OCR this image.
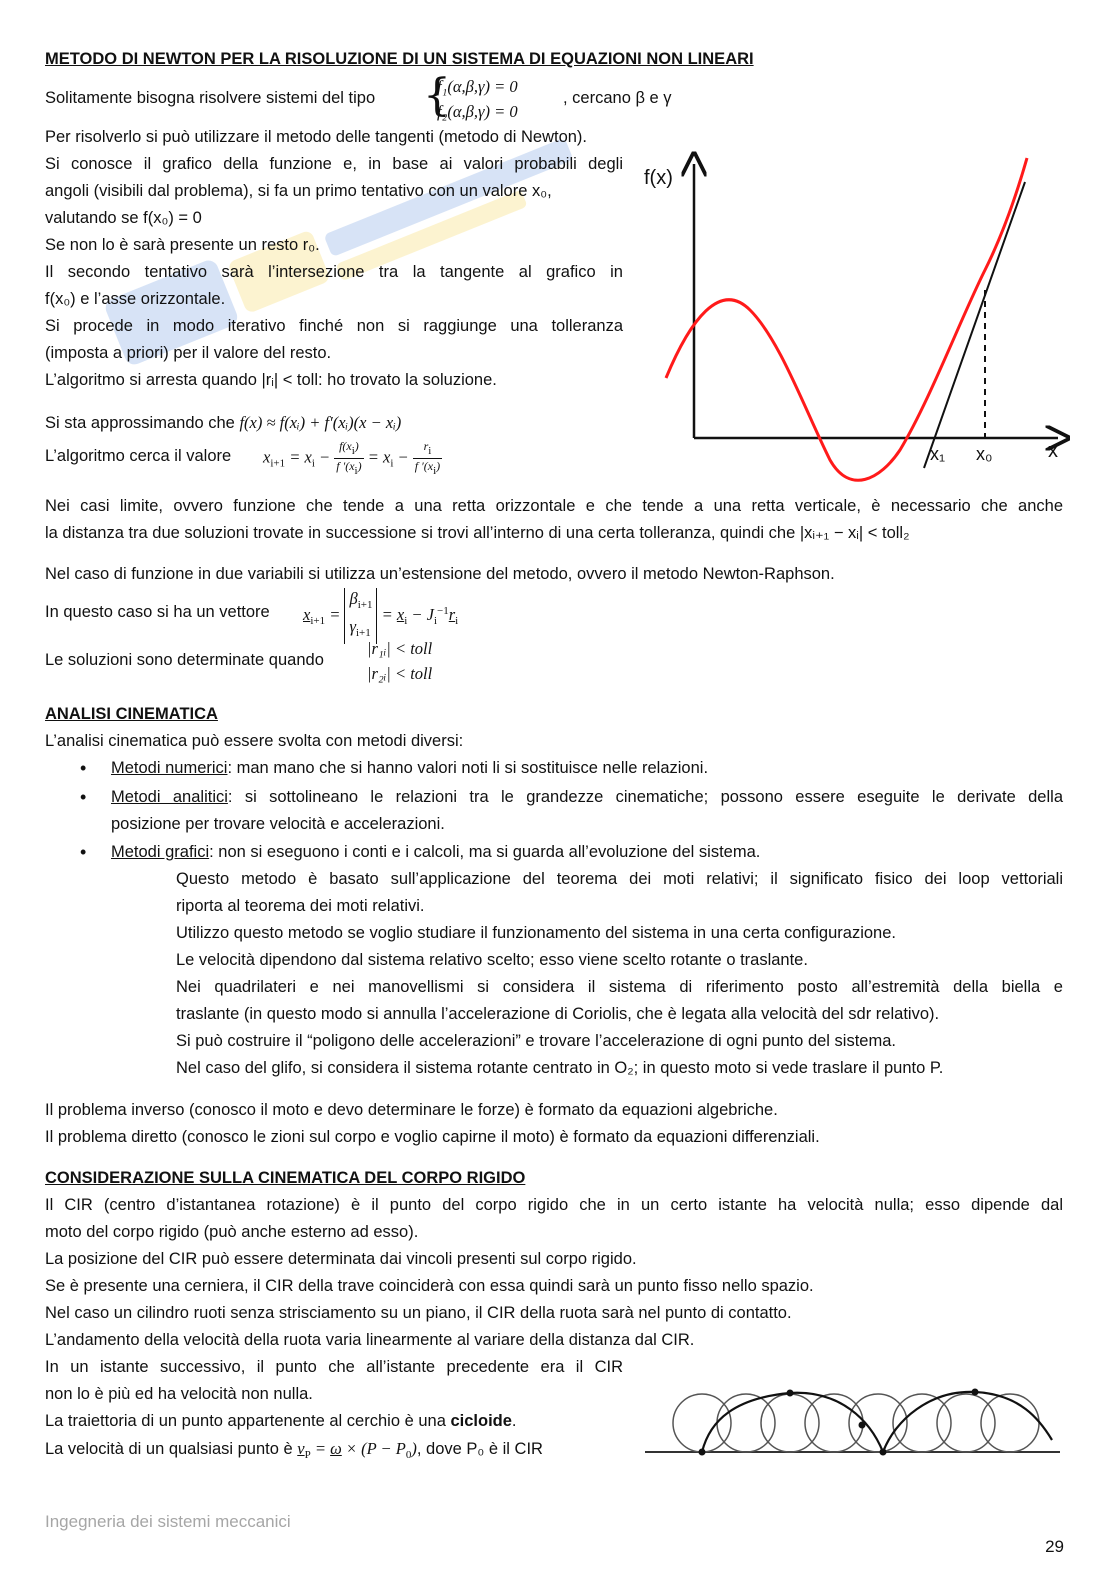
METODO DI NEWTON PER LA RISOLUZIONE DI UN SISTEMA DI EQUAZIONI NON LINEARI
Solitamente bisogna risolvere sistemi del tipo {
f₁(α,β,γ) = 0
f₂(α,β,γ) = 0
, cercano β e γ
Per risolverlo si può utilizzare il metodo delle tangenti (metodo di Newton).
Si conosce il grafico della funzione e, in base ai valori probabili degli
angoli (visibili dal problema), si fa un primo tentativo con un valore x₀,
valutando se f(x₀) = 0
Se non lo è sarà presente un resto r₀.
Il secondo tentativo sarà l’intersezione tra la tangente al grafico in
f(x₀) e l’asse orizzontale.
Si procede in modo iterativo finché non si raggiunge una tolleranza
(imposta a priori) per il valore del resto.
L’algoritmo si arresta quando |rᵢ| < toll: ho trovato la soluzione.
Si sta approssimando che f(x) ≈ f(xᵢ) + f′(xᵢ)(x − xᵢ)
L’algoritmo cerca il valore $x_{i+1} = x_i - \frac{f(xi)}{f '(xi)} = x_i - \frac{ri}{f '(xi)}$
f(x)
x
x₁ x₀
Nei casi limite, ovvero funzione che tende a una retta orizzontale e che tende a una retta verticale, è necessario che anche
la distanza tra due soluzioni trovate in successione si trovi all’interno di una certa tolleranza, quindi che |xᵢ₊₁ − xᵢ| < toll₂
Nel caso di funzione in due variabili si utilizza un’estensione del metodo, ovvero il metodo Newton-Raphson.
In questo caso si ha un vettore $x_{i+1} = \beta_{i+1}$
$\gamma_{i+1} = x_i - J_i^{-1}r_i$
Le soluzioni sono determinate quando
|r₁ᵢ| < toll
|r₂ᵢ| < toll
ANALISI CINEMATICA
L’analisi cinematica può essere svolta con metodi diversi:
• Metodi numerici: man mano che si hanno valori noti li si sostituisce nelle relazioni.
• Metodi analitici: si sottolineano le relazioni tra le grandezze cinematiche; possono essere eseguite le derivate della
posizione per trovare velocità e accelerazioni.
• Metodi grafici: non si eseguono i conti e i calcoli, ma si guarda all’evoluzione del sistema.
Questo metodo è basato sull’applicazione del teorema dei moti relativi; il significato fisico dei loop vettoriali
riporta al teorema dei moti relativi.
Utilizzo questo metodo se voglio studiare il funzionamento del sistema in una certa configurazione.
Le velocità dipendono dal sistema relativo scelto; esso viene scelto rotante o traslante.
Nei quadrilateri e nei manovellismi si considera il sistema di riferimento posto all’estremità della biella e
traslante (in questo modo si annulla l’accelerazione di Coriolis, che è legata alla velocità del sdr relativo).
Si può costruire il “poligono delle accelerazioni” e trovare l’accelerazione di ogni punto del sistema.
Nel caso del glifo, si considera il sistema rotante centrato in O₂; in questo moto si vede traslare il punto P.
Il problema inverso (conosco il moto e devo determinare le forze) è formato da equazioni algebriche.
Il problema diretto (conosco le zioni sul corpo e voglio capirne il moto) è formato da equazioni differenziali.
CONSIDERAZIONE SULLA CINEMATICA DEL CORPO RIGIDO
Il CIR (centro d’istantanea rotazione) è il punto del corpo rigido che in un certo istante ha velocità nulla; esso dipende dal
moto del corpo rigido (può anche esterno ad esso).
La posizione del CIR può essere determinata dai vincoli presenti sul corpo rigido.
Se è presente una cerniera, il CIR della trave coinciderà con essa quindi sarà un punto fisso nello spazio.
Nel caso un cilindro ruoti senza strisciamento su un piano, il CIR della ruota sarà nel punto di contatto.
L’andamento della velocità della ruota varia linearmente al variare della distanza dal CIR.
In un istante successivo, il punto che all’istante precedente era il CIR
non lo è più ed ha velocità non nulla.
La traiettoria di un punto appartenente al cerchio è una cicloide.
La velocità di un qualsiasi punto è $v_P = \omega \times (P - P_0)$, dove P₀ è il CIR
Ingegneria dei sistemi meccanici
29
